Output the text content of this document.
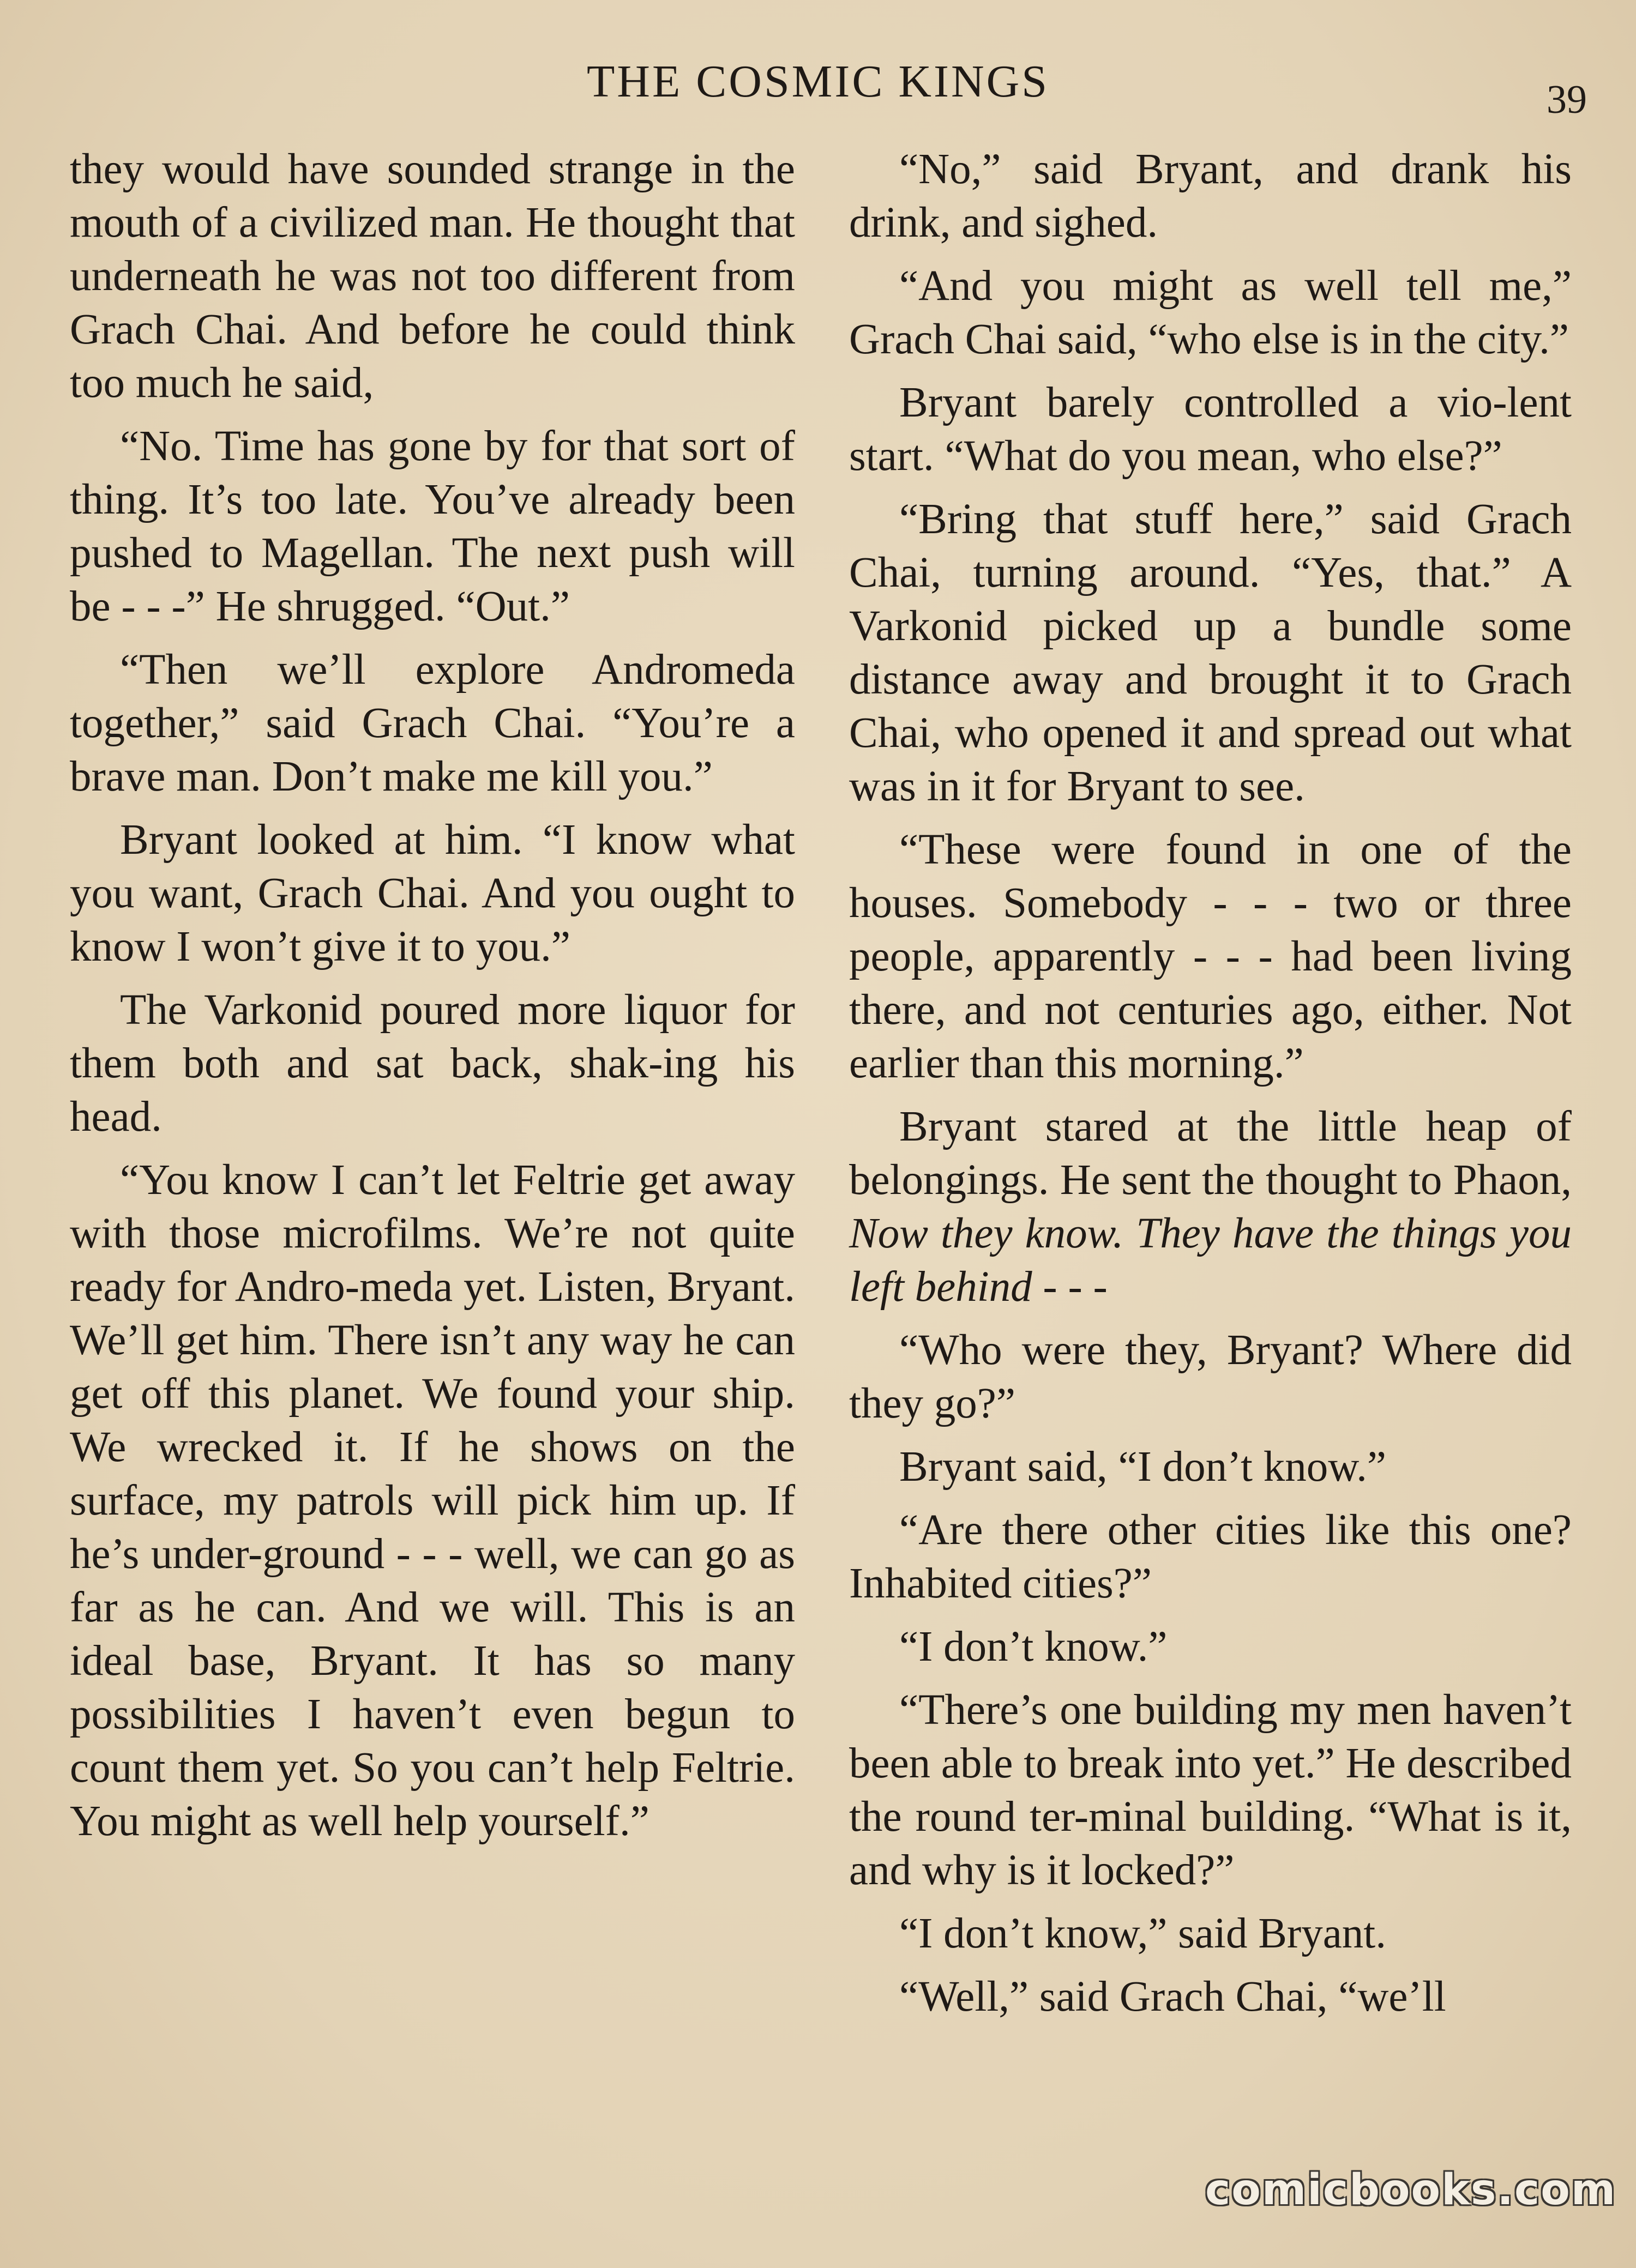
THE COSMIC KINGS	39

they would have sounded strange in the mouth of a civilized man. He thought that underneath he was not too different from Grach Chai. And before he could think too much he said,

“No. Time has gone by for that sort of thing. It’s too late. You’ve already been pushed to Magellan. The next push will be - - -” He shrugged. “Out.”

“Then we’ll explore Andromeda together,” said Grach Chai. “You’re a brave man. Don’t make me kill you.”

Bryant looked at him. “I know what you want, Grach Chai. And you ought to know I won’t give it to you.”

The Varkonid poured more liquor for them both and sat back, shak-ing his head.

“You know I can’t let Feltrie get away with those microfilms. We’re not quite ready for Andro-meda yet. Listen, Bryant. We’ll get him. There isn’t any way he can get off this planet. We found your ship. We wrecked it. If he shows on the surface, my patrols will pick him up. If he’s under-ground - - - well, we can go as far as he can. And we will. This is an ideal base, Bryant. It has so many possibilities I haven’t even begun to count them yet. So you can’t help Feltrie. You might as well help yourself.”

“No,” said Bryant, and drank his drink, and sighed.

“And you might as well tell me,” Grach Chai said, “who else is in the city.”

Bryant barely controlled a vio-lent start. “What do you mean, who else?”

“Bring that stuff here,” said Grach Chai, turning around. “Yes, that.” A Varkonid picked up a bundle some distance away and brought it to Grach Chai, who opened it and spread out what was in it for Bryant to see.

“These were found in one of the houses. Somebody - - - two or three people, apparently - - - had been living there, and not centuries ago, either. Not earlier than this morning.”

Bryant stared at the little heap of belongings. He sent the thought to Phaon, Now they know. They have the things you left behind - - -

“Who were they, Bryant? Where did they go?”

Bryant said, “I don’t know.”

“Are there other cities like this one? Inhabited cities?”

“I don’t know.”

“There’s one building my men haven’t been able to break into yet.” He described the round ter-minal building. “What is it, and why is it locked?”

“I don’t know,” said Bryant.

“Well,” said Grach Chai, “we’ll

comicbooks.com
